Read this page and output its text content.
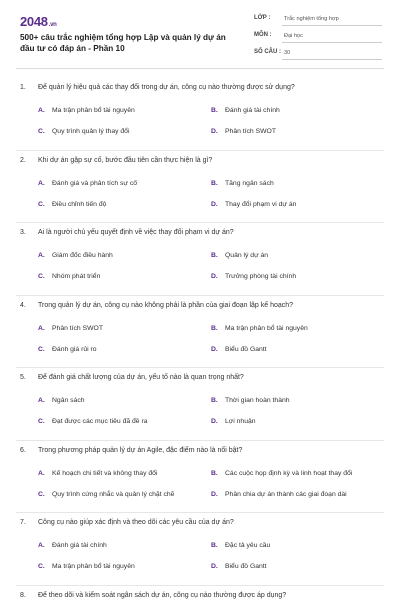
2048.vn
500+ câu trắc nghiệm tổng hợp Lập và quản lý dự án đầu tư có đáp án - Phần 10
LỚP :	Trắc nghiệm tổng hợp
MÔN :	Đại học
SỐ CÂU : 30
1. Để quản lý hiệu quả các thay đổi trong dự án, công cụ nào thường được sử dụng?
A. Ma trận phân bổ tài nguyên	B. Đánh giá tài chính
C. Quy trình quản lý thay đổi	D. Phân tích SWOT
2. Khi dự án gặp sự cố, bước đầu tiên cần thực hiện là gì?
A. Đánh giá và phân tích sự cố	B. Tăng ngân sách
C. Điều chỉnh tiến độ	D. Thay đổi phạm vi dự án
3. Ai là người chủ yếu quyết định về việc thay đổi phạm vi dự án?
A. Giám đốc điều hành	B. Quản lý dự án
C. Nhóm phát triển	D. Trưởng phòng tài chính
4. Trong quản lý dự án, công cụ nào không phải là phần của giai đoạn lập kế hoạch?
A. Phân tích SWOT	B. Ma trận phân bổ tài nguyên
C. Đánh giá rủi ro	D. Biểu đồ Gantt
5. Để đánh giá chất lượng của dự án, yếu tố nào là quan trọng nhất?
A. Ngân sách	B. Thời gian hoàn thành
C. Đạt được các mục tiêu đã đề ra	D. Lợi nhuận
6. Trong phương pháp quản lý dự án Agile, đặc điểm nào là nổi bật?
A. Kế hoạch chi tiết và không thay đổi	B. Các cuộc họp định kỳ và linh hoạt thay đổi
C. Quy trình cứng nhắc và quản lý chặt chẽ	D. Phân chia dự án thành các giai đoạn dài
7. Công cụ nào giúp xác định và theo dõi các yêu cầu của dự án?
A. Đánh giá tài chính	B. Đặc tả yêu cầu
C. Ma trận phân bổ tài nguyên	D. Biểu đồ Gantt
8. Để theo dõi và kiểm soát ngân sách dự án, công cụ nào thường được áp dụng?
